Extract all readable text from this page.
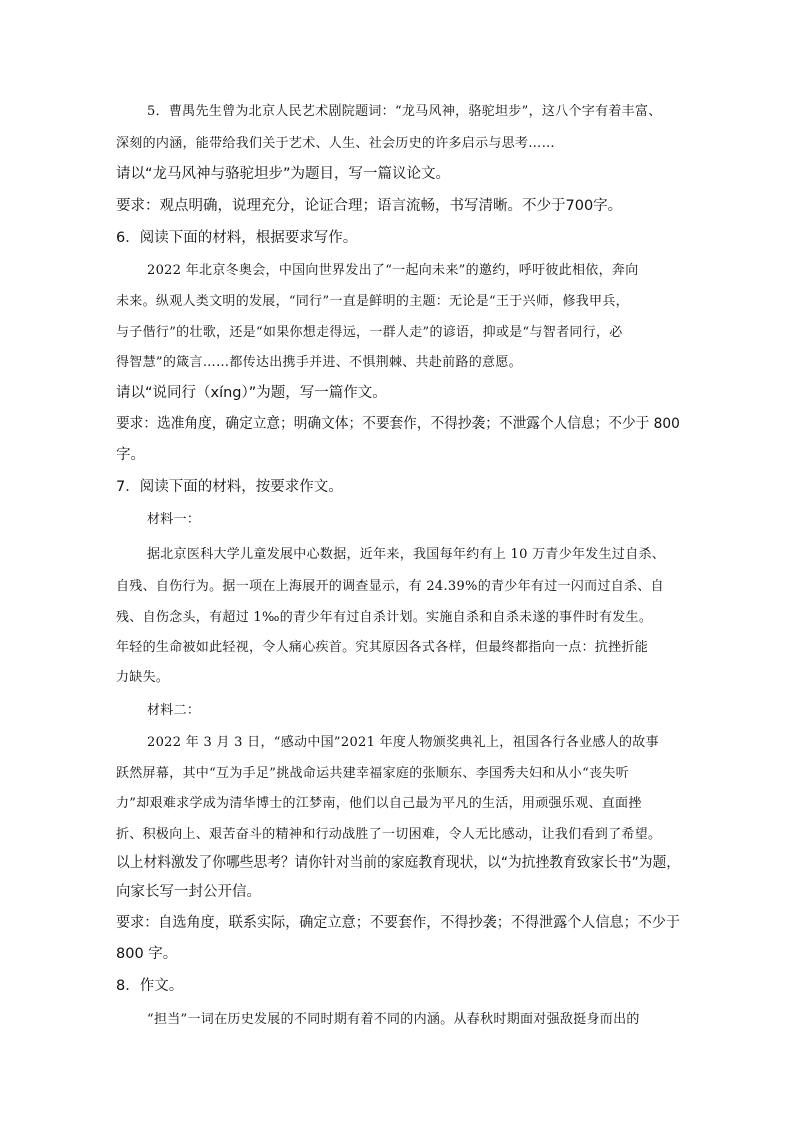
5．曹禺先生曾为北京人民艺术剧院题词：“龙马风神，骆驼坦步”，这八个字有着丰富、
深刻的内涵，能带给我们关于艺术、人生、社会历史的许多启示与思考……
请以“龙马风神与骆驼坦步”为题目，写一篇议论文。
要求：观点明确，说理充分，论证合理；语言流畅，书写清晰。不少于700字。
6．阅读下面的材料，根据要求写作。
2022 年北京冬奥会，中国向世界发出了“一起向未来”的邀约，呼吁彼此相依，奔向
未来。纵观人类文明的发展，“同行”一直是鲜明的主题：无论是“王于兴师，修我甲兵，
与子偕行”的壮歌，还是“如果你想走得远，一群人走”的谚语，抑或是“与智者同行，必
得智慧”的箴言……都传达出携手并进、不惧荆棘、共赴前路的意愿。
请以“说同行（xíng）”为题，写一篇作文。
要求：选准角度，确定立意；明确文体；不要套作，不得抄袭；不泄露个人信息；不少于 800
字。
7．阅读下面的材料，按要求作文。
材料一：
据北京医科大学儿童发展中心数据，近年来，我国每年约有上 10 万青少年发生过自杀、
自残、自伤行为。据一项在上海展开的调查显示，有 24.39%的青少年有过一闪而过自杀、自
残、自伤念头，有超过 1‰的青少年有过自杀计划。实施自杀和自杀未遂的事件时有发生。
年轻的生命被如此轻视，令人痛心疾首。究其原因各式各样，但最终都指向一点：抗挫折能
力缺失。
材料二：
2022 年 3 月 3 日，“感动中国”2021 年度人物颁奖典礼上，祖国各行各业感人的故事
跃然屏幕，其中“互为手足”挑战命运共建幸福家庭的张顺东、李国秀夫妇和从小“丧失听
力”却艰难求学成为清华博士的江梦南，他们以自己最为平凡的生活，用顽强乐观、直面挫
折、积极向上、艰苦奋斗的精神和行动战胜了一切困难，令人无比感动，让我们看到了希望。
以上材料激发了你哪些思考？请你针对当前的家庭教育现状，以“为抗挫教育致家长书”为题，
向家长写一封公开信。
要求：自选角度，联系实际，确定立意；不要套作，不得抄袭；不得泄露个人信息；不少于
800 字。
8．作文。
“担当”一词在历史发展的不同时期有着不同的内涵。从春秋时期面对强敌挺身而出的
